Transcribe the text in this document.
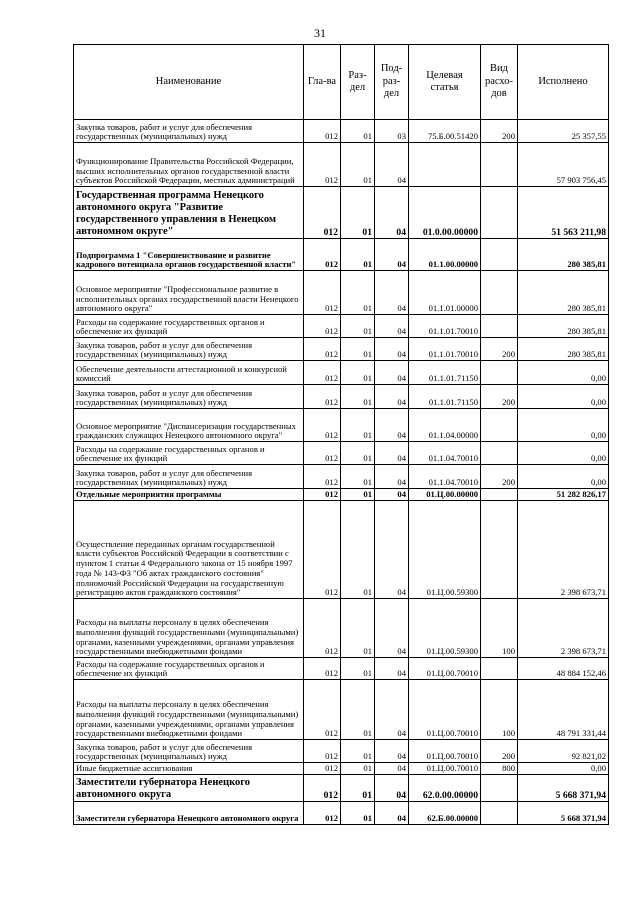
31
Наименование	Гла-ва	Раз-дел	Под-раз-дел	Целевая статья	Вид расхо-дов	Исполнено
Закупка товаров, работ и услуг для обеспечения государственных (муниципальных) нужд	012	01	03	75.Б.00.51420	200	25 357,55
Функционирование Правительства Российской Федерации, высших исполнительных органов государственной власти субъектов Российской Федерации, местных администраций	012	01	04			57 903 756,45
Государственная программа Ненецкого автономного округа "Развитие государственного управления в Ненецком автономном округе"	012	01	04	01.0.00.00000		51 563 211,98
Подпрограмма 1 "Совершенствование и развитие кадрового потенциала органов государственной власти"	012	01	04	01.1.00.00000		280 385,81
Основное мероприятие "Профессиональное развитие в исполнительных органах государственной власти Ненецкого автономного округа"	012	01	04	01.1.01.00000		280 385,81
Расходы на содержание государственных органов и обеспечение их функций	012	01	04	01.1.01.70010		280 385,81
Закупка товаров, работ и услуг для обеспечения государственных (муниципальных) нужд	012	01	04	01.1.01.70010	200	280 385,81
Обеспечение деятельности аттестационной и конкурсной комиссий	012	01	04	01.1.01.71150		0,00
Закупка товаров, работ и услуг для обеспечения государственных (муниципальных) нужд	012	01	04	01.1.01.71150	200	0,00
Основное мероприятие "Диспансеризация государственных гражданских служащих Ненецкого автономного округа"	012	01	04	01.1.04.00000		0,00
Расходы на содержание государственных органов и обеспечение их функций	012	01	04	01.1.04.70010		0,00
Закупка товаров, работ и услуг для обеспечения государственных (муниципальных) нужд	012	01	04	01.1.04.70010	200	0,00
Отдельные мероприятия программы	012	01	04	01.Ц.00.00000		51 282 826,17
Осуществление переданных органам государственной власти субъектов Российской Федерации в соответствии с пунктом 1 статьи 4 Федерального закона от 15 ноября 1997 года № 143-ФЗ "Об актах гражданского состояния" полномочий Российской Федерации на государственную регистрацию актов гражданского состояния"	012	01	04	01.Ц.00.59300		2 398 673,71
Расходы на выплаты персоналу в целях обеспечения выполнения функций государственными (муниципальными) органами, казенными учреждениями, органами управления государственными внебюджетными фондами	012	01	04	01.Ц.00.59300	100	2 398 673,71
Расходы на содержание государственных органов и обеспечение их функций	012	01	04	01.Ц.00.70010		48 884 152,46
Расходы на выплаты персоналу в целях обеспечения выполнения функций государственными (муниципальными) органами, казенными учреждениями, органами управления государственными внебюджетными фондами	012	01	04	01.Ц.00.70010	100	48 791 331,44
Закупка товаров, работ и услуг для обеспечения государственных (муниципальных) нужд	012	01	04	01.Ц.00.70010	200	92 821,02
Иные бюджетные ассигнования	012	01	04	01.Ц.00.70010	800	0,00
Заместители губернатора Ненецкого автономного округа	012	01	04	62.0.00.00000		5 668 371,94
Заместители губернатора Ненецкого автономного округа	012	01	04	62.Б.00.00000		5 668 371,94
